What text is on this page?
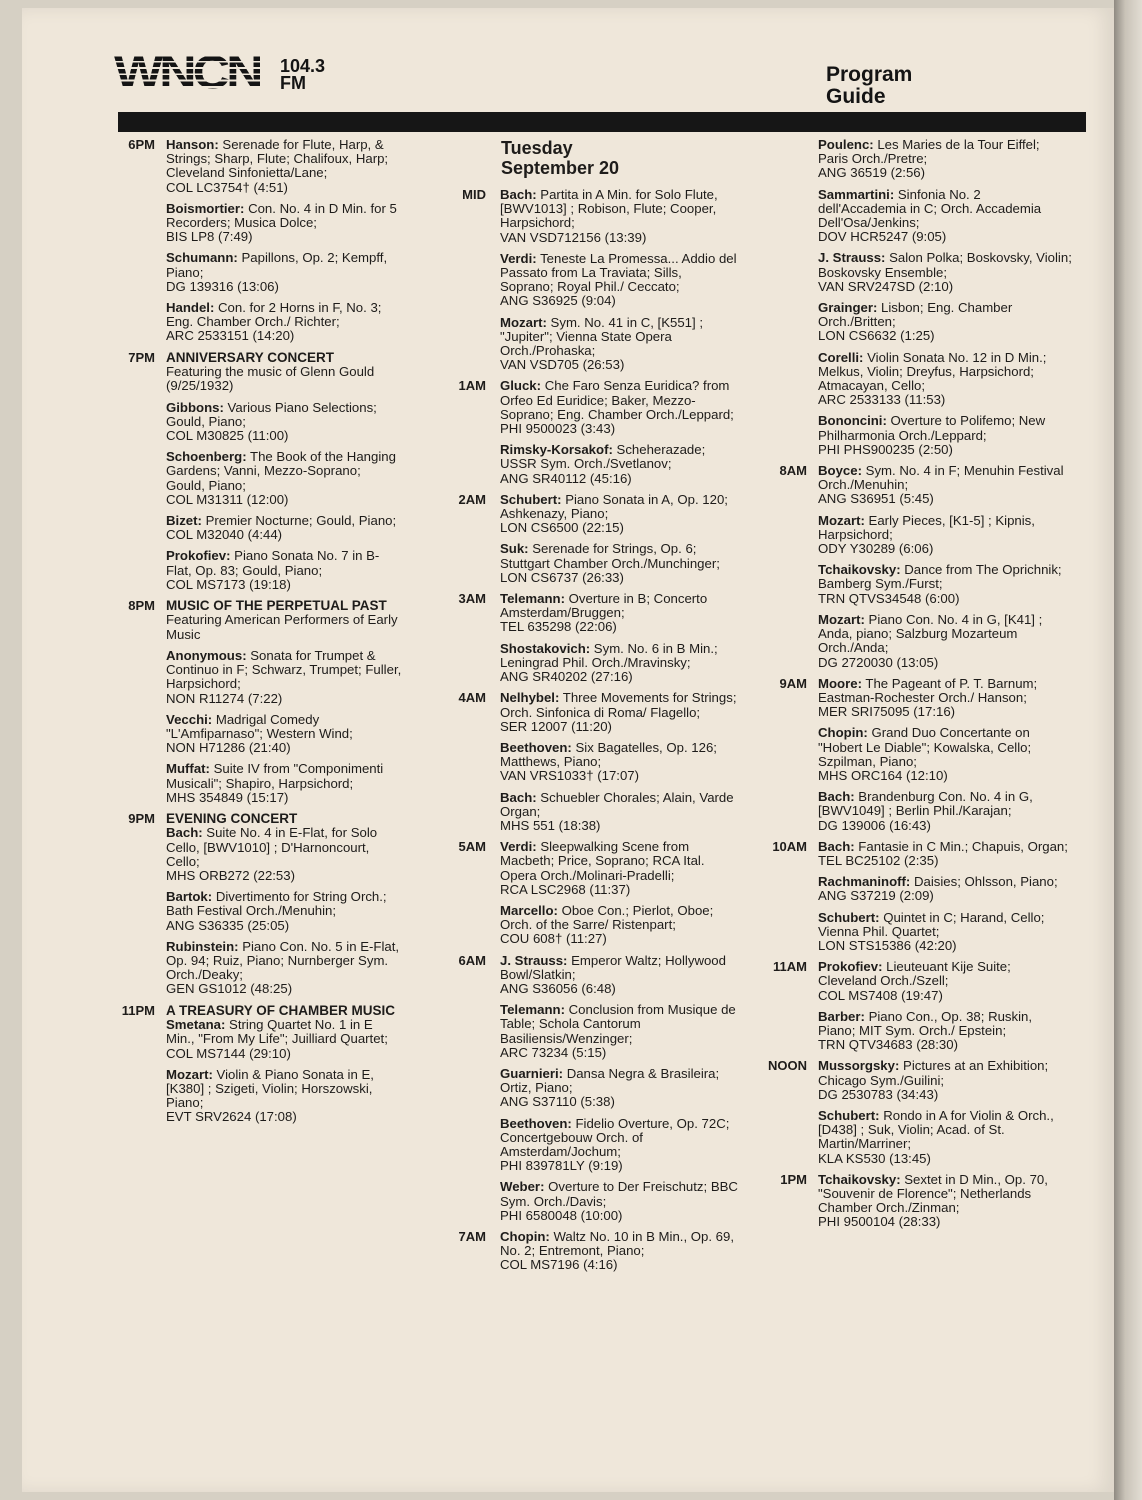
WNCN 104.3
FM	Program
Guide
6PM Hanson: Serenade for Flute, Harp, & Strings; Sharp, Flute; Chalifoux, Harp; Cleveland Sinfonietta/Lane;
COL LC3754† (4:51)
Boismortier: Con. No. 4 in D Min. for 5 Recorders; Musica Dolce;
BIS LP8 (7:49)
Schumann: Papillons, Op. 2; Kempff, Piano;
DG 139316 (13:06)
Handel: Con. for 2 Horns in F, No. 3; Eng. Chamber Orch./ Richter;
ARC 2533151 (14:20)
7PM ANNIVERSARY CONCERT
Featuring the music of Glenn Gould (9/25/1932)
Gibbons: Various Piano Selections; Gould, Piano;
COL M30825 (11:00)
Schoenberg: The Book of the Hanging Gardens; Vanni, Mezzo-Soprano; Gould, Piano;
COL M31311 (12:00)
Bizet: Premier Nocturne; Gould, Piano;
COL M32040 (4:44)
Prokofiev: Piano Sonata No. 7 in B-Flat, Op. 83; Gould, Piano;
COL MS7173 (19:18)
8PM MUSIC OF THE PERPETUAL PAST
Featuring American Performers of Early Music
Anonymous: Sonata for Trumpet & Continuo in F; Schwarz, Trumpet; Fuller, Harpsichord;
NON R11274 (7:22)
Vecchi: Madrigal Comedy "L'Amfiparnaso"; Western Wind;
NON H71286 (21:40)
Muffat: Suite IV from "Componimenti Musicali"; Shapiro, Harpsichord;
MHS 354849 (15:17)
9PM EVENING CONCERT
Bach: Suite No. 4 in E-Flat, for Solo Cello, [BWV1010] ; D'Harnoncourt, Cello;
MHS ORB272 (22:53)
Bartok: Divertimento for String Orch.; Bath Festival Orch./Menuhin;
ANG S36335 (25:05)
Rubinstein: Piano Con. No. 5 in E-Flat, Op. 94; Ruiz, Piano; Nurnberger Sym. Orch./Deaky;
GEN GS1012 (48:25)
11PM A TREASURY OF CHAMBER MUSIC
Smetana: String Quartet No. 1 in E Min., "From My Life"; Juilliard Quartet;
COL MS7144 (29:10)
Mozart: Violin & Piano Sonata in E, [K380] ; Szigeti, Violin; Horszowski, Piano;
EVT SRV2624 (17:08)
Tuesday
September 20
MID Bach: Partita in A Min. for Solo Flute, [BWV1013] ; Robison, Flute; Cooper, Harpsichord;
VAN VSD712156 (13:39)
Verdi: Teneste La Promessa... Addio del Passato from La Traviata; Sills, Soprano; Royal Phil./ Ceccato;
ANG S36925 (9:04)
Mozart: Sym. No. 41 in C, [K551] ; "Jupiter"; Vienna State Opera Orch./Prohaska;
VAN VSD705 (26:53)
1AM Gluck: Che Faro Senza Euridica? from Orfeo Ed Euridice; Baker, Mezzo-Soprano; Eng. Chamber Orch./Leppard;
PHI 9500023 (3:43)
Rimsky-Korsakof: Scheherazade; USSR Sym. Orch./Svetlanov;
ANG SR40112 (45:16)
2AM Schubert: Piano Sonata in A, Op. 120; Ashkenazy, Piano;
LON CS6500 (22:15)
Suk: Serenade for Strings, Op. 6; Stuttgart Chamber Orch./Munchinger;
LON CS6737 (26:33)
3AM Telemann: Overture in B; Concerto Amsterdam/Bruggen;
TEL 635298 (22:06)
Shostakovich: Sym. No. 6 in B Min.; Leningrad Phil. Orch./Mravinsky;
ANG SR40202 (27:16)
4AM Nelhybel: Three Movements for Strings; Orch. Sinfonica di Roma/ Flagello;
SER 12007 (11:20)
Beethoven: Six Bagatelles, Op. 126; Matthews, Piano;
VAN VRS1033† (17:07)
Bach: Schuebler Chorales; Alain, Varde Organ;
MHS 551 (18:38)
5AM Verdi: Sleepwalking Scene from Macbeth; Price, Soprano; RCA Ital. Opera Orch./Molinari-Pradelli;
RCA LSC2968 (11:37)
Marcello: Oboe Con.; Pierlot, Oboe; Orch. of the Sarre/ Ristenpart;
COU 608† (11:27)
6AM J. Strauss: Emperor Waltz; Hollywood Bowl/Slatkin;
ANG S36056 (6:48)
Telemann: Conclusion from Musique de Table; Schola Cantorum Basiliensis/Wenzinger;
ARC 73234 (5:15)
Guarnieri: Dansa Negra & Brasileira; Ortiz, Piano;
ANG S37110 (5:38)
Beethoven: Fidelio Overture, Op. 72C; Concertgebouw Orch. of Amsterdam/Jochum;
PHI 839781LY (9:19)
Weber: Overture to Der Freischutz; BBC Sym. Orch./Davis;
PHI 6580048 (10:00)
7AM Chopin: Waltz No. 10 in B Min., Op. 69, No. 2; Entremont, Piano;
COL MS7196 (4:16)
Poulenc: Les Maries de la Tour Eiffel; Paris Orch./Pretre;
ANG 36519 (2:56)
Sammartini: Sinfonia No. 2 dell'Accademia in C; Orch. Accademia Dell'Osa/Jenkins;
DOV HCR5247 (9:05)
J. Strauss: Salon Polka; Boskovsky, Violin; Boskovsky Ensemble;
VAN SRV247SD (2:10)
Grainger: Lisbon; Eng. Chamber Orch./Britten;
LON CS6632 (1:25)
Corelli: Violin Sonata No. 12 in D Min.; Melkus, Violin; Dreyfus, Harpsichord; Atmacayan, Cello;
ARC 2533133 (11:53)
Bononcini: Overture to Polifemo; New Philharmonia Orch./Leppard;
PHI PHS900235 (2:50)
8AM Boyce: Sym. No. 4 in F; Menuhin Festival Orch./Menuhin;
ANG S36951 (5:45)
Mozart: Early Pieces, [K1-5] ; Kipnis, Harpsichord;
ODY Y30289 (6:06)
Tchaikovsky: Dance from The Oprichnik; Bamberg Sym./Furst;
TRN QTVS34548 (6:00)
Mozart: Piano Con. No. 4 in G, [K41] ; Anda, piano; Salzburg Mozarteum Orch./Anda;
DG 2720030 (13:05)
9AM Moore: The Pageant of P. T. Barnum; Eastman-Rochester Orch./ Hanson;
MER SRI75095 (17:16)
Chopin: Grand Duo Concertante on "Hobert Le Diable"; Kowalska, Cello; Szpilman, Piano;
MHS ORC164 (12:10)
Bach: Brandenburg Con. No. 4 in G, [BWV1049] ; Berlin Phil./Karajan;
DG 139006 (16:43)
10AM Bach: Fantasie in C Min.; Chapuis, Organ;
TEL BC25102 (2:35)
Rachmaninoff: Daisies; Ohlsson, Piano;
ANG S37219 (2:09)
Schubert: Quintet in C; Harand, Cello; Vienna Phil. Quartet;
LON STS15386 (42:20)
11AM Prokofiev: Lieuteuant Kije Suite; Cleveland Orch./Szell;
COL MS7408 (19:47)
Barber: Piano Con., Op. 38; Ruskin, Piano; MIT Sym. Orch./ Epstein;
TRN QTV34683 (28:30)
NOON Mussorgsky: Pictures at an Exhibition; Chicago Sym./Guilini;
DG 2530783 (34:43)
Schubert: Rondo in A for Violin & Orch., [D438] ; Suk, Violin; Acad. of St. Martin/Marriner;
KLA KS530 (13:45)
1PM Tchaikovsky: Sextet in D Min., Op. 70, "Souvenir de Florence"; Netherlands Chamber Orch./Zinman;
PHI 9500104 (28:33)
